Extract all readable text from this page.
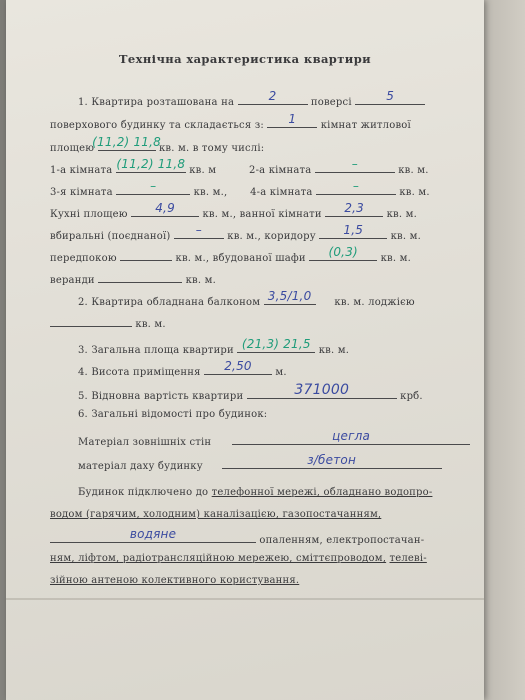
Технічна характеристика квартири
1. Квартира розташована на	2	поверсі	5
поверхового будинку та складається з: 1 кімнат житлової
площею
(11,2) 11,8
кв. м. в тому числі:
1-а кімната (11,2) 11,8 кв. м	2-а кімната	–	кв. м.
3-я кімната	–	кв. м., 4-а кімната	–	кв. м.
Кухні площею 4,9	кв. м., ванної кімнати 2,3 кв. м.
вбиральні (поєднаної) –	кв. м., коридору 1,5	кв. м.
передпокою	кв. м., вбудованої шафи (0,3) кв. м.
веранди	кв. м.
2. Квартира обладнана балконом 3,5/1,0 кв. м. лоджією
кв. м.
3. Загальна площа квартири (21,3) 21,5 кв. м.
4. Висота приміщення 2,50 м.
5. Відновна вартість квартири	371000	крб.
6. Загальні відомості про будинок:
Матеріал зовнішніх стін	цегла
матеріал даху будинку	з/бетон
Будинок підключено до телефонної мережі, обладнано водопро-
водом (гарячим, холодним) каналізацією, газопостачанням,
водяне	опаленням, електропостачан-
ням, ліфтом, радіотрансляційною мережею, сміттєпроводом, телеві-
зійною антеною колективного користування.
